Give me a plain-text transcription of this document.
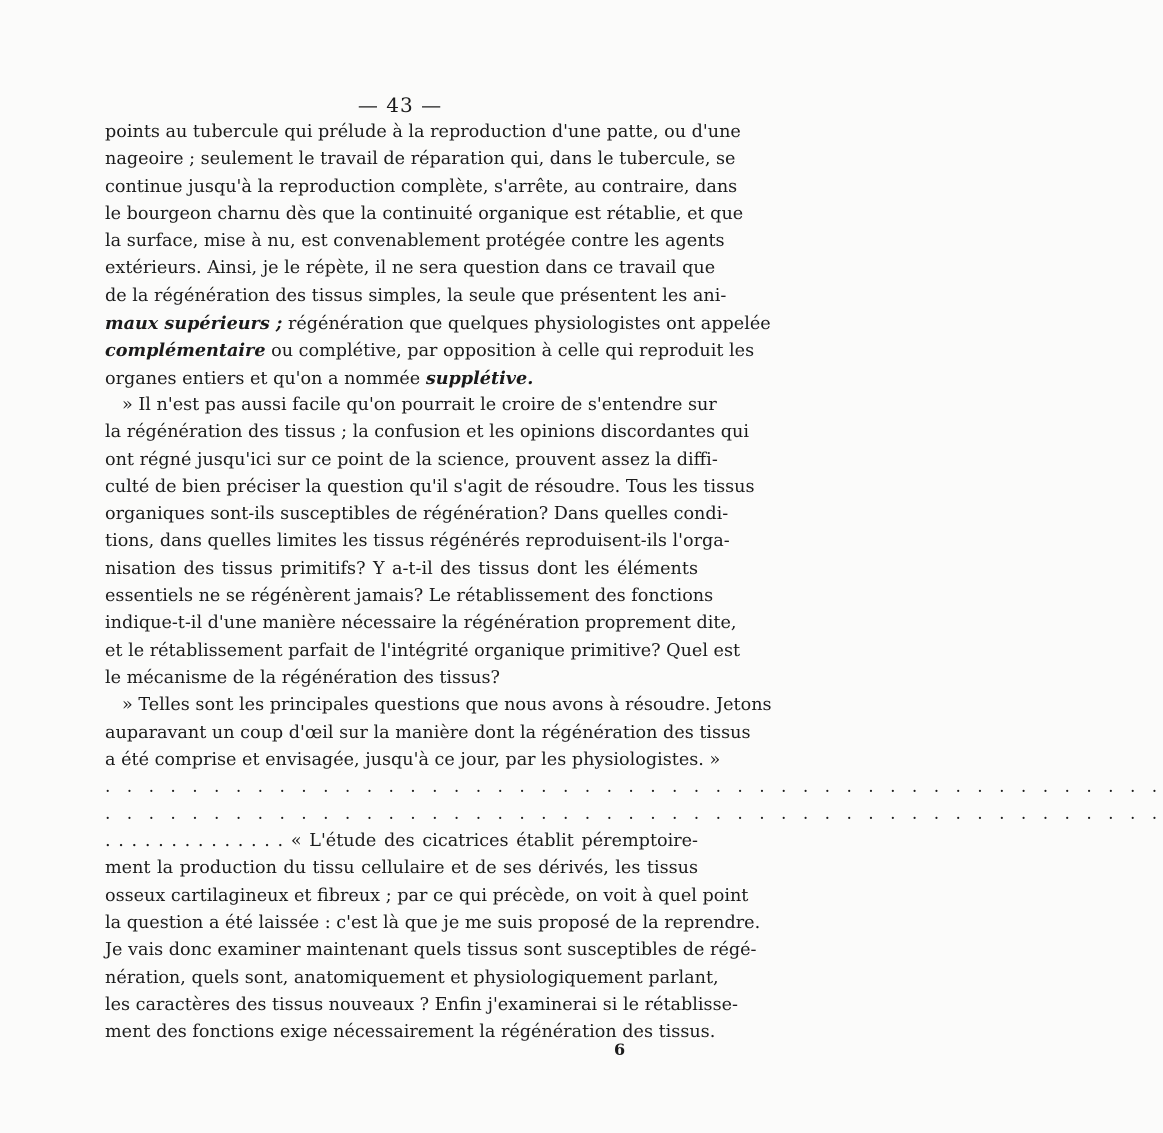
— 43 —
points au tubercule qui prélude à la reproduction d'une patte, ou d'une
nageoire ; seulement le travail de réparation qui, dans le tubercule, se
continue jusqu'à la reproduction complète, s'arrête, au contraire, dans
le bourgeon charnu dès que la continuité organique est rétablie, et que
la surface, mise à nu, est convenablement protégée contre les agents
extérieurs. Ainsi, je le répète, il ne sera question dans ce travail que
de la régénération des tissus simples, la seule que présentent les ani-
maux supérieurs ; régénération que quelques physiologistes ont appelée
complémentaire ou complétive, par opposition à celle qui reproduit les
organes entiers et qu'on a nommée supplétive.
» Il n'est pas aussi facile qu'on pourrait le croire de s'entendre sur
la régénération des tissus ; la confusion et les opinions discordantes qui
ont régné jusqu'ici sur ce point de la science, prouvent assez la diffi-
culté de bien préciser la question qu'il s'agit de résoudre. Tous les tissus
organiques sont-ils susceptibles de régénération? Dans quelles condi-
tions, dans quelles limites les tissus régénérés reproduisent-ils l'orga-
nisation des tissus primitifs? Y a-t-il des tissus dont les éléments
essentiels ne se régénèrent jamais? Le rétablissement des fonctions
indique-t-il d'une manière nécessaire la régénération proprement dite,
et le rétablissement parfait de l'intégrité organique primitive? Quel est
le mécanisme de la régénération des tissus?
» Telles sont les principales questions que nous avons à résoudre. Jetons
auparavant un coup d'œil sur la manière dont la régénération des tissus
a été comprise et envisagée, jusqu'à ce jour, par les physiologistes. »
. . . . . . . . . . . . . . . . . . . . . . . . . . . . . . . . . . . . . . . . . . . . . . . . .
. . . . . . . . . . . . . . . . . . . . . . . . . . . . . . . . . . . . . . . . . . . . . . . . .
. . . . . . . . . . . . . . « L'étude des cicatrices établit péremptoire-
ment la production du tissu cellulaire et de ses dérivés, les tissus
osseux cartilagineux et fibreux ; par ce qui précède, on voit à quel point
la question a été laissée : c'est là que je me suis proposé de la reprendre.
Je vais donc examiner maintenant quels tissus sont susceptibles de régé-
nération, quels sont, anatomiquement et physiologiquement parlant,
les caractères des tissus nouveaux ? Enfin j'examinerai si le rétablisse-
ment des fonctions exige nécessairement la régénération des tissus.
6
